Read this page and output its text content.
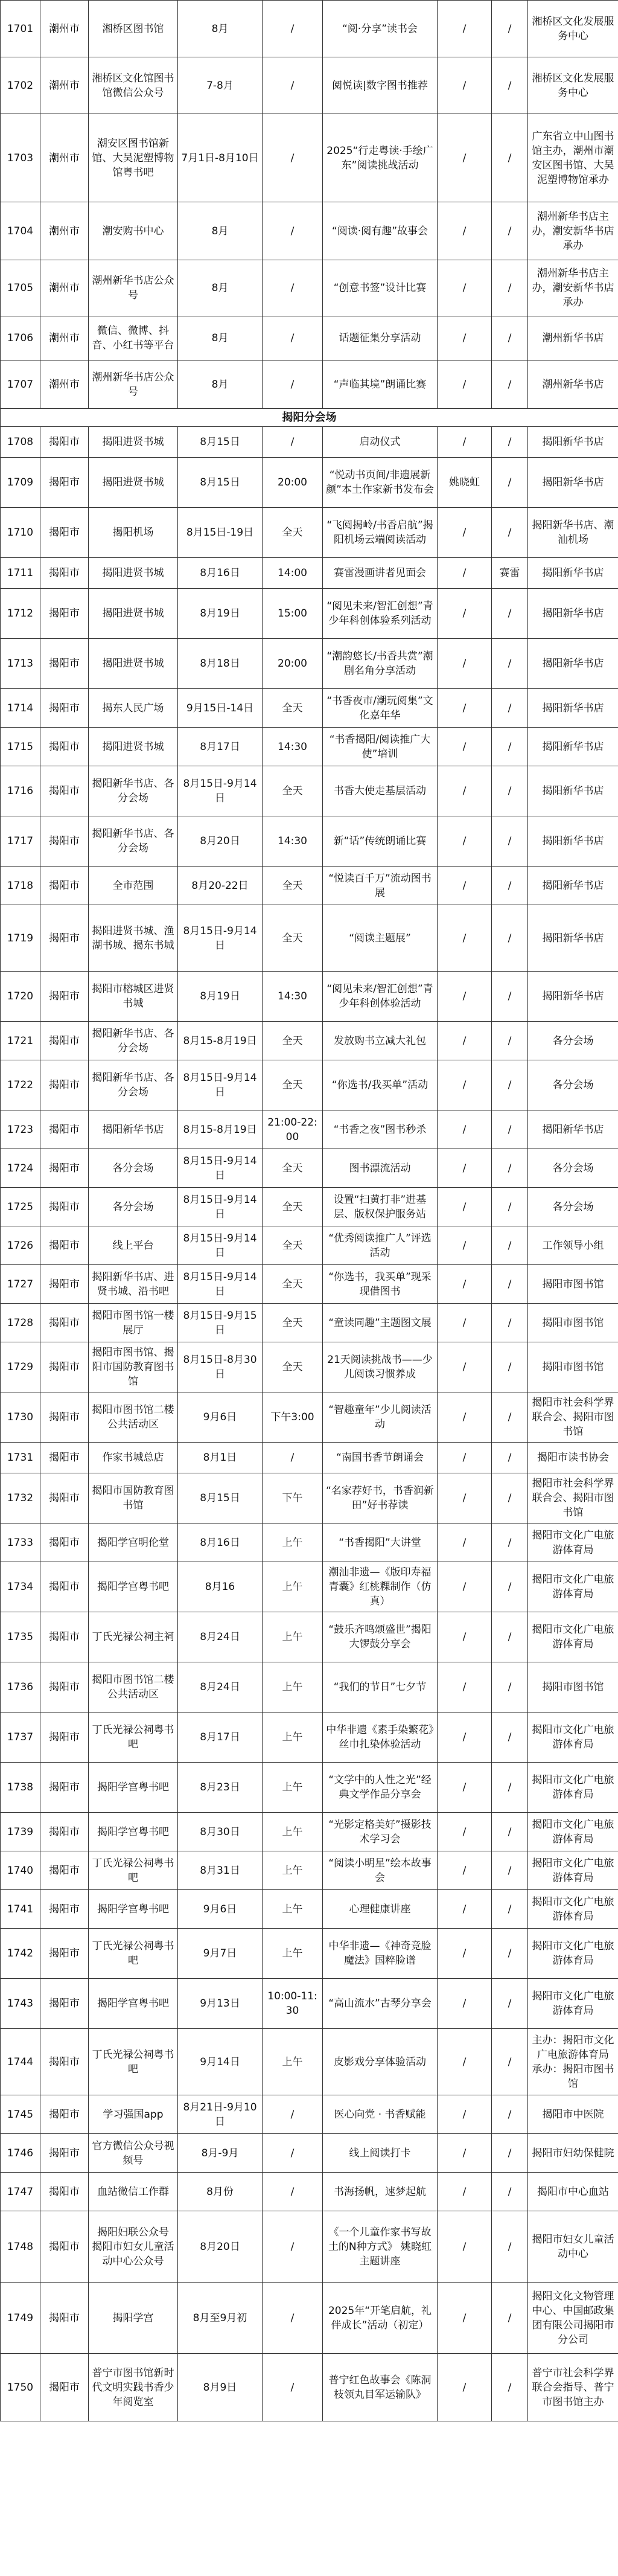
1701	潮州市	湘桥区图书馆	8月	/	“阅·分享”读书会	/	/	湘桥区文化发展服务中心
1702	潮州市	湘桥区文化馆图书馆微信公众号	7-8月	/	阅悦读|数字图书推荐	/	/	湘桥区文化发展服务中心
1703	潮州市	潮安区图书馆新馆、大吴泥塑博物馆粤书吧	7月1日-8月10日	/	2025“行走粤读·手绘广东”阅读挑战活动	/	/	广东省立中山图书馆主办，潮州市潮安区图书馆、大吴泥塑博物馆承办
1704	潮州市	潮安购书中心	8月	/	“阅读·阅有趣”故事会	/	/	潮州新华书店主办，潮安新华书店承办
1705	潮州市	潮州新华书店公众号	8月	/	“创意书签”设计比赛	/	/	潮州新华书店主办，潮安新华书店承办
1706	潮州市	微信、微博、抖音、小红书等平台	8月	/	话题征集分享活动	/	/	潮州新华书店
1707	潮州市	潮州新华书店公众号	8月	/	“声临其境”朗诵比赛	/	/	潮州新华书店
揭阳分会场								
1708	揭阳市	揭阳进贤书城	8月15日	/	启动仪式	/	/	揭阳新华书店
1709	揭阳市	揭阳进贤书城	8月15日	20:00	“悦动书页间/非遗展新颜”本土作家新书发布会	姚晓虹	/	揭阳新华书店
1710	揭阳市	揭阳机场	8月15日-19日	全天	“飞阅揭岭/书香启航”揭阳机场云端阅读活动	/	/	揭阳新华书店、潮汕机场
1711	揭阳市	揭阳进贤书城	8月16日	14:00	赛雷漫画讲者见面会	/	赛雷	揭阳新华书店
1712	揭阳市	揭阳进贤书城	8月19日	15:00	“阅见未来/智汇创想”青少年科创体验系列活动	/	/	揭阳新华书店
1713	揭阳市	揭阳进贤书城	8月18日	20:00	“潮韵悠长/书香共赏”潮剧名角分享活动	/	/	揭阳新华书店
1714	揭阳市	揭东人民广场	9月15日-14日	全天	“书香夜市/潮玩阅集”文化嘉年华	/	/	揭阳新华书店
1715	揭阳市	揭阳进贤书城	8月17日	14:30	“书香揭阳/阅读推广大使”培训	/	/	揭阳新华书店
1716	揭阳市	揭阳新华书店、各分会场	8月15日-9月14日	全天	书香大使走基层活动	/	/	揭阳新华书店
1717	揭阳市	揭阳新华书店、各分会场	8月20日	14:30	新“话”传统朗诵比赛	/	/	揭阳新华书店
1718	揭阳市	全市范围	8月20-22日	全天	“悦读百千万”流动图书展	/	/	揭阳新华书店
1719	揭阳市	揭阳进贤书城、渔湖书城、揭东书城	8月15日-9月14日	全天	“阅读主题展”	/	/	揭阳新华书店
1720	揭阳市	揭阳市榕城区进贤书城	8月19日	14:30	“阅见未来/智汇创想”青少年科创体验活动	/	/	揭阳新华书店
1721	揭阳市	揭阳新华书店、各分会场	8月15-8月19日	全天	发放购书立减大礼包	/	/	各分会场
1722	揭阳市	揭阳新华书店、各分会场	8月15日-9月14日	全天	“你选书/我买单”活动	/	/	各分会场
1723	揭阳市	揭阳新华书店	8月15-8月19日	21:00-22:00	“书香之夜”图书秒杀	/	/	揭阳新华书店
1724	揭阳市	各分会场	8月15日-9月14日	全天	图书漂流活动	/	/	各分会场
1725	揭阳市	各分会场	8月15日-9月14日	全天	设置“扫黄打非”进基层、版权保护服务站	/	/	各分会场
1726	揭阳市	线上平台	8月15日-9月14日	全天	“优秀阅读推广人”评选活动	/	/	工作领导小组
1727	揭阳市	揭阳新华书店、进贤书城、沿书吧	8月15日-9月14日	全天	“你选书，我买单”现采现借图书	/	/	揭阳市图书馆
1728	揭阳市	揭阳市图书馆一楼展厅	8月15日-9月15日	全天	“童读同趣”主题图文展	/	/	揭阳市图书馆
1729	揭阳市	揭阳市图书馆、揭阳市国防教育图书馆	8月15日-8月30日	全天	21天阅读挑战书——少儿阅读习惯养成	/	/	揭阳市图书馆
1730	揭阳市	揭阳市图书馆二楼公共活动区	9月6日	下午3:00	“智趣童年”少儿阅读活动	/	/	揭阳市社会科学界联合会、揭阳市图书馆
1731	揭阳市	作家书城总店	8月1日	/	“南国书香节朗诵会	/	/	揭阳市读书协会
1732	揭阳市	揭阳市国防教育图书馆	8月15日	下午	“名家荐好书，书香润新田”好书荐读	/	/	揭阳市社会科学界联合会、揭阳市图书馆
1733	揭阳市	揭阳学宫明伦堂	8月16日	上午	“书香揭阳”大讲堂	/	/	揭阳市文化广电旅游体育局
1734	揭阳市	揭阳学宫粤书吧	8月16	上午	潮汕非遗—《版印寿福青囊》红桃粿制作（仿真）	/	/	揭阳市文化广电旅游体育局
1735	揭阳市	丁氏光禄公祠主祠	8月24日	上午	“鼓乐齐鸣颂盛世”揭阳大锣鼓分享会	/	/	揭阳市文化广电旅游体育局
1736	揭阳市	揭阳市图书馆二楼公共活动区	8月24日	上午	“我们的节日”七夕节	/	/	揭阳市图书馆
1737	揭阳市	丁氏光禄公祠粤书吧	8月17日	上午	中华非遗《素手染繁花》丝巾扎染体验活动	/	/	揭阳市文化广电旅游体育局
1738	揭阳市	揭阳学宫粤书吧	8月23日	上午	“文学中的人性之光”经典文学作品分享会	/	/	揭阳市文化广电旅游体育局
1739	揭阳市	揭阳学宫粤书吧	8月30日	上午	“光影定格美好”摄影技术学习会	/	/	揭阳市文化广电旅游体育局
1740	揭阳市	丁氏光禄公祠粤书吧	8月31日	上午	“阅读小明星”绘本故事会	/	/	揭阳市文化广电旅游体育局
1741	揭阳市	揭阳学宫粤书吧	9月6日	上午	心理健康讲座	/	/	揭阳市文化广电旅游体育局
1742	揭阳市	丁氏光禄公祠粤书吧	9月7日	上午	中华非遗—《神奇竞脸魔法》国粹脸谱	/	/	揭阳市文化广电旅游体育局
1743	揭阳市	揭阳学宫粤书吧	9月13日	10:00-11:30	“高山流水”古琴分享会	/	/	揭阳市文化广电旅游体育局
1744	揭阳市	丁氏光禄公祠粤书吧	9月14日	上午	皮影戏分享体验活动	/	/	主办：揭阳市文化广电旅游体育局 承办：揭阳市图书馆
1745	揭阳市	学习强国app	8月21日-9月10日	/	医心向党 · 书香赋能	/	/	揭阳市中医院
1746	揭阳市	官方微信公众号视频号	8月-9月	/	线上阅读打卡	/	/	揭阳市妇幼保健院
1747	揭阳市	血站微信工作群	8月份	/	书海扬帆，速梦起航	/	/	揭阳市中心血站
1748	揭阳市	揭阳妇联公众号 揭阳市妇女儿童活动中心公众号	8月20日	/	《一个儿童作家书写故土的N种方式》 姚晓虹主题讲座	/	/	揭阳市妇女儿童活动中心
1749	揭阳市	揭阳学宫	8月至9月初	/	2025年“开笔启航，礼伴成长”活动（初定）	/	/	揭阳文化文物管理中心、中国邮政集团有限公司揭阳市分公司
1750	揭阳市	普宁市图书馆新时代文明实践书香少年阅览室	8月9日	/	普宁红色故事会《陈洞枝领丸目军运输队》	/	/	普宁市社会科学界联合会指导、普宁市图书馆主办
